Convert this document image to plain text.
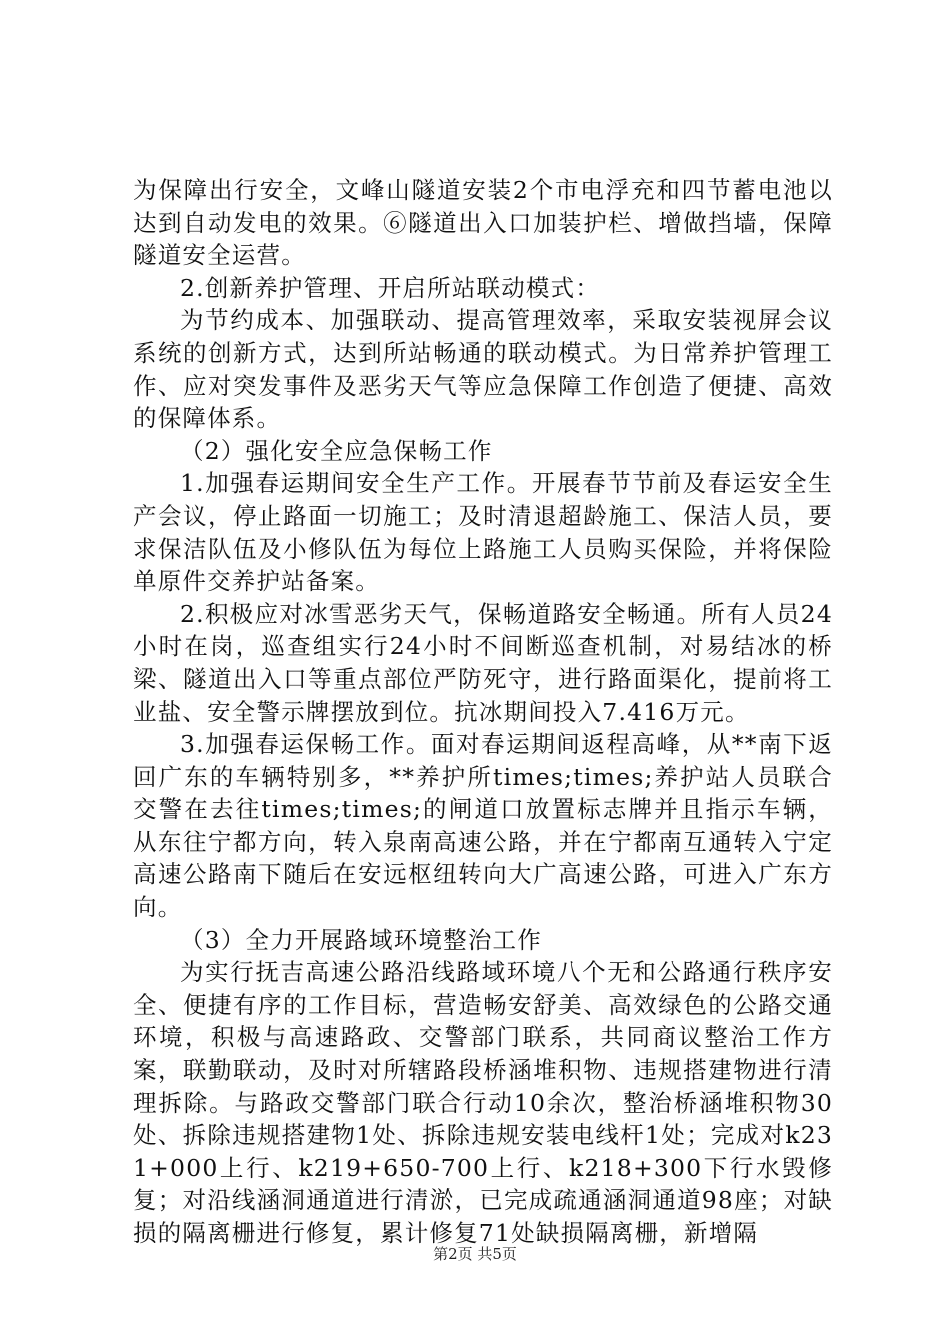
为保障出行安全，文峰山隧道安装2个市电浮充和四节蓄电池以达到自动发电的效果。⑥隧道出入口加装护栏、增做挡墙，保障隧道安全运营。

2.创新养护管理、开启所站联动模式：

为节约成本、加强联动、提高管理效率，采取安装视屏会议系统的创新方式，达到所站畅通的联动模式。为日常养护管理工作、应对突发事件及恶劣天气等应急保障工作创造了便捷、高效的保障体系。

（2）强化安全应急保畅工作

1.加强春运期间安全生产工作。开展春节节前及春运安全生产会议，停止路面一切施工；及时清退超龄施工、保洁人员，要求保洁队伍及小修队伍为每位上路施工人员购买保险，并将保险单原件交养护站备案。

2.积极应对冰雪恶劣天气，保畅道路安全畅通。所有人员24小时在岗，巡查组实行24小时不间断巡查机制，对易结冰的桥梁、隧道出入口等重点部位严防死守，进行路面渠化，提前将工业盐、安全警示牌摆放到位。抗冰期间投入7.416万元。

3.加强春运保畅工作。面对春运期间返程高峰，从**南下返回广东的车辆特别多，**养护所times;times;养护站人员联合交警在去往times;times;的闸道口放置标志牌并且指示车辆，从东往宁都方向，转入泉南高速公路，并在宁都南互通转入宁定高速公路南下随后在安远枢纽转向大广高速公路，可进入广东方向。

（3）全力开展路域环境整治工作

为实行抚吉高速公路沿线路域环境八个无和公路通行秩序安全、便捷有序的工作目标，营造畅安舒美、高效绿色的公路交通环境，积极与高速路政、交警部门联系，共同商议整治工作方案，联勤联动，及时对所辖路段桥涵堆积物、违规搭建物进行清理拆除。与路政交警部门联合行动10余次，整治桥涵堆积物30处、拆除违规搭建物1处、拆除违规安装电线杆1处；完成对k231+000上行、k219+650-700上行、k218+300下行水毁修复；对沿线涵洞通道进行清淤，已完成疏通涵洞通道98座；对缺损的隔离栅进行修复，累计修复71处缺损隔离栅，新增隔

第2页 共5页
